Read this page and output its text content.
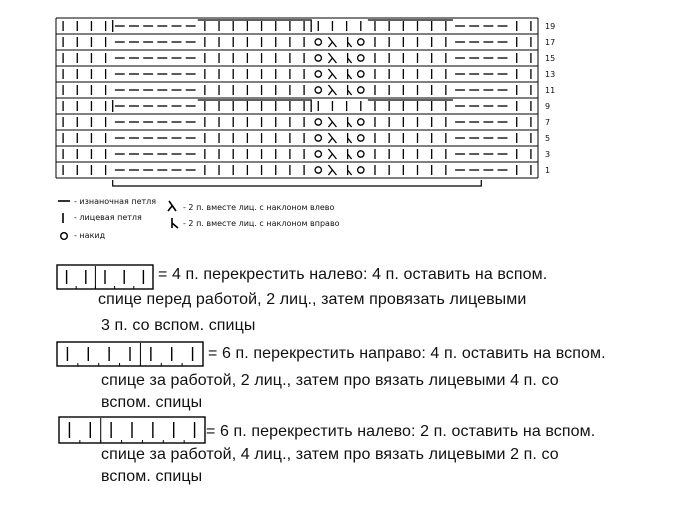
19
17
15
13
11
9
7
5
3
1
- изнаночная петля
- лицевая петля
- накид
- 2 п. вместе лиц. с наклоном влево
- 2 п. вместе лиц. с наклоном вправо
= 4 п. перекрестить налево: 4 п. оставить на вспом.
спице перед работой, 2 лиц., затем провязать лицевыми
3 п. со вспом. спицы
= 6 п. перекрестить направо: 4 п. оставить на вспом.
спице за работой, 2 лиц., затем про вязать лицевыми 4 п. со
вспом. спицы
= 6 п. перекрестить налево: 2 п. оставить на вспом.
спице за работой, 4 лиц., затем про вязать лицевыми 2 п. со
вспом. спицы
